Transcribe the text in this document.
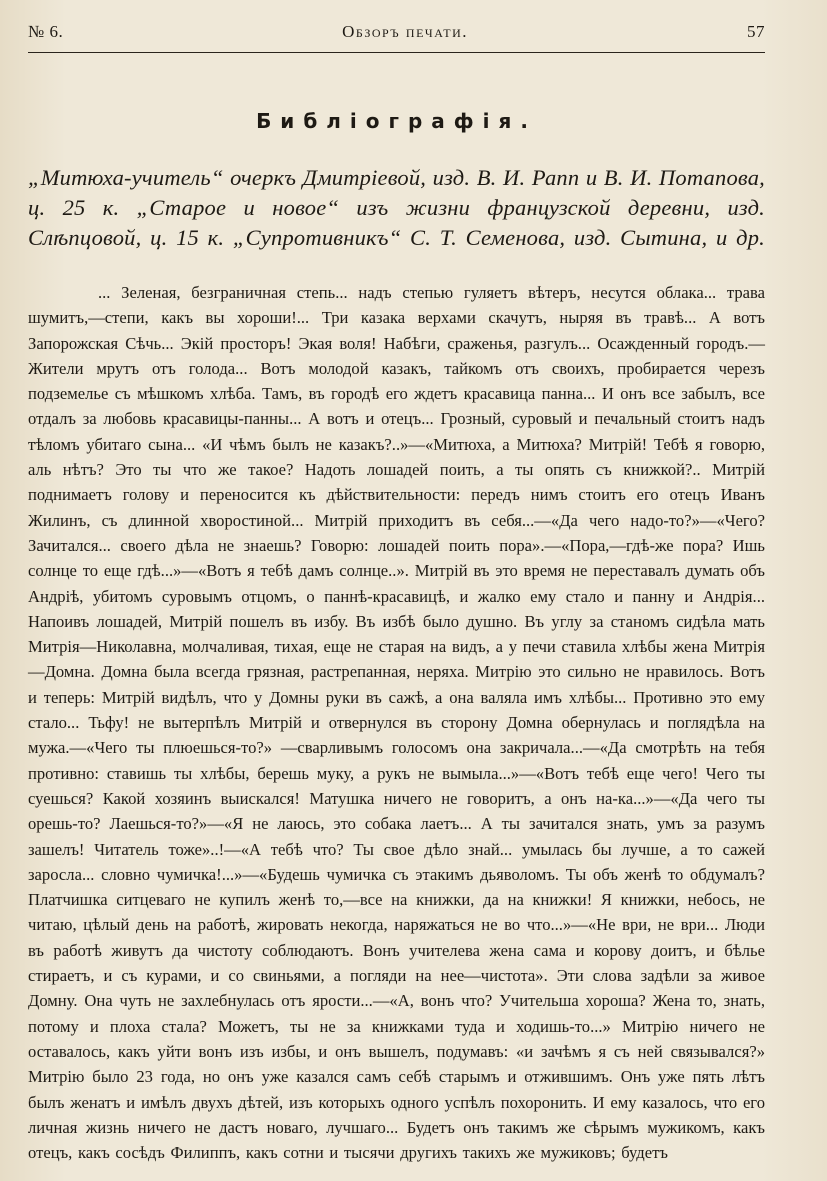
№ 6.	Обзоръ печати.	57
Библіографія.
„Митюха-учитель“ очеркъ Дмитріевой, изд. В. И. Рапп и В. И. Потапова, ц. 25 к. „Старое и новое“ изъ жизни французской деревни, изд. Слѣпцовой, ц. 15 к. „Супротивникъ“ С. Т. Семенова, изд. Сытина, и др.
... Зеленая, безграничная степь... надъ степью гуляетъ вѣтеръ, несутся облака... трава шумитъ,—степи, какъ вы хороши!... Три казака верхами скачутъ, ныряя въ травѣ... А вотъ Запорожская Сѣчь... Экій просторъ! Экая воля! Набѣги, сраженья, разгулъ... Осажденный городъ.—Жители мрутъ отъ голода... Вотъ молодой казакъ, тайкомъ отъ своихъ, пробирается черезъ подземелье съ мѣшкомъ хлѣба. Тамъ, въ городѣ его ждетъ красавица панна... И онъ все забылъ, все отдалъ за любовь красавицы-панны... А вотъ и отецъ... Грозный, суровый и печальный стоитъ надъ тѣломъ убитаго сына... «И чѣмъ былъ не казакъ?..»—«Митюха, а Митюха? Митрій! Тебѣ я говорю, аль нѣтъ? Это ты что же такое? Надоть лошадей поить, а ты опять съ книжкой?.. Митрій поднимаетъ голову и переносится къ дѣйствительности: передъ нимъ стоитъ его отецъ Иванъ Жилинъ, съ длинной хворостиной... Митрій приходитъ въ себя...—«Да чего надо-то?»—«Чего? Зачитался... своего дѣла не знаешь? Говорю: лошадей поить пора».—«Пора,—гдѣ-же пора? Ишь солнце то еще гдѣ...»—«Вотъ я тебѣ дамъ солнце..». Митрій въ это время не переставалъ думать объ Андріѣ, убитомъ суровымъ отцомъ, о паннѣ-красавицѣ, и жалко ему стало и панну и Андрія... Напоивъ лошадей, Митрій пошелъ въ избу. Въ избѣ было душно. Въ углу за станомъ сидѣла мать Митрія—Николавна, молчаливая, тихая, еще не старая на видъ, а у печи ставила хлѣбы жена Митрія—Домна. Домна была всегда грязная, растрепанная, неряха. Митрію это сильно не нравилось. Вотъ и теперь: Митрій видѣлъ, что у Домны руки въ сажѣ, а она валяла имъ хлѣбы... Противно это ему стало... Тьфу! не вытерпѣлъ Митрій и отвернулся въ сторону Домна обернулась и поглядѣла на мужа.—«Чего ты плюешься-то?» —сварливымъ голосомъ она закричала...—«Да смотрѣть на тебя противно: ставишь ты хлѣбы, берешь муку, а рукъ не вымыла...»—«Вотъ тебѣ еще чего! Чего ты суешься? Какой хозяинъ выискался! Матушка ничего не говоритъ, а онъ на-ка...»—«Да чего ты орешь-то? Лаешься-то?»—«Я не лаюсь, это собака лаетъ... А ты зачитался знать, умъ за разумъ зашелъ! Читатель тоже»..!—«А тебѣ что? Ты свое дѣло знай... умылась бы лучше, а то сажей заросла... словно чумичка!...»—«Будешь чумичка съ этакимъ дьяволомъ. Ты объ женѣ то обдумалъ? Платчишка ситцеваго не купилъ женѣ то,—все на книжки, да на книжки! Я книжки, небось, не читаю, цѣлый день на работѣ, жировать некогда, наряжаться не во что...»—«Не ври, не ври... Люди въ работѣ живутъ да чистоту соблюдаютъ. Вонъ учителева жена сама и корову доитъ, и бѣлье стираетъ, и съ курами, и со свиньями, а погляди на нее—чистота». Эти слова задѣли за живое Домну. Она чуть не захлебнулась отъ ярости...—«А, вонъ что? Учительша хороша? Жена то, знать, потому и плоха стала? Можетъ, ты не за книжками туда и ходишь-то...» Митрію ничего не оставалось, какъ уйти вонъ изъ избы, и онъ вышелъ, подумавъ: «и зачѣмъ я съ ней связывался?» Митрію было 23 года, но онъ уже казался самъ себѣ старымъ и отжившимъ. Онъ уже пять лѣтъ былъ женатъ и имѣлъ двухъ дѣтей, изъ которыхъ одного успѣлъ похоронить. И ему казалось, что его личная жизнь ничего не дастъ новаго, лучшаго... Будетъ онъ такимъ же сѣрымъ мужикомъ, какъ отецъ, какъ сосѣдъ Филиппъ, какъ сотни и тысячи другихъ такихъ же мужиковъ; будетъ
